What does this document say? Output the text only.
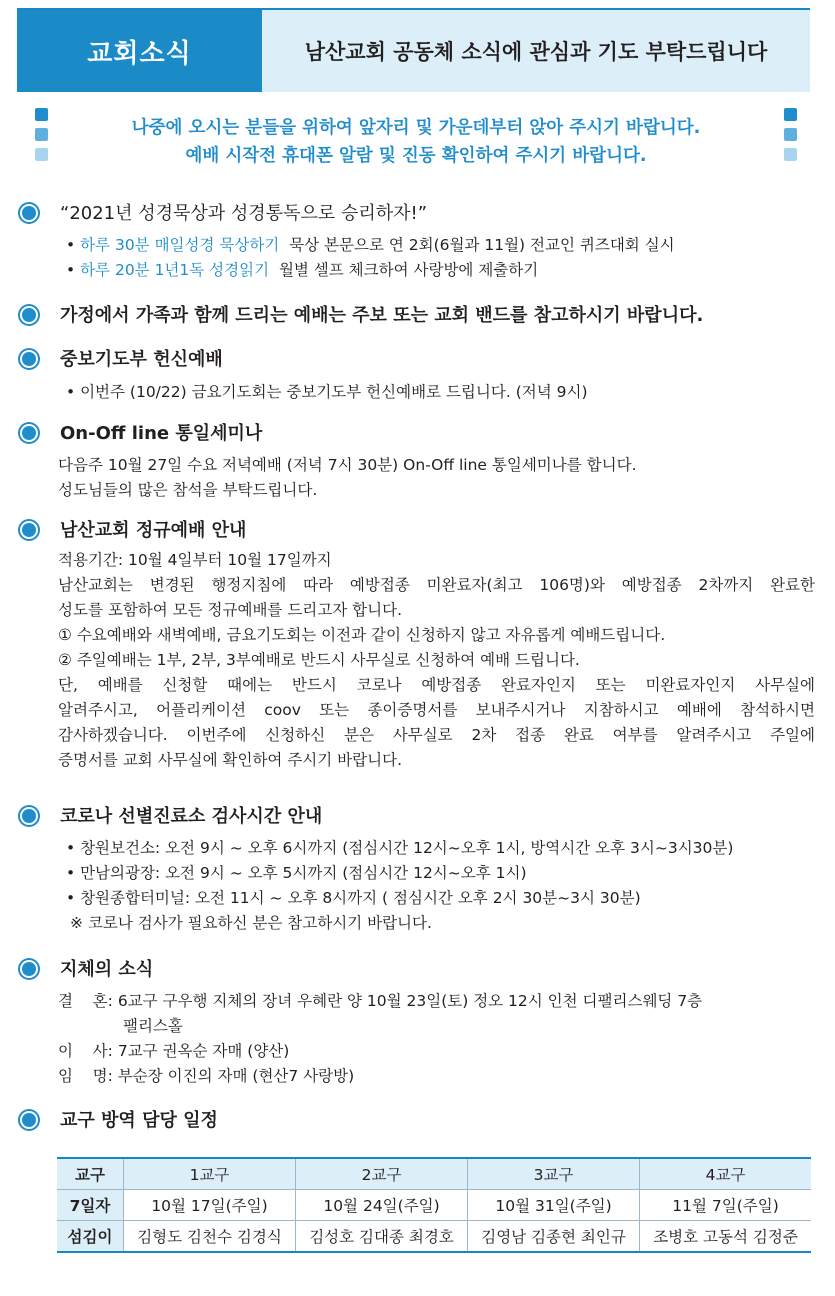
교회소식	남산교회 공동체 소식에 관심과 기도 부탁드립니다
나중에 오시는 분들을 위하여 앞자리 및 가운데부터 앉아 주시기 바랍니다.
예배 시작전 휴대폰 알람 및 진동 확인하여 주시기 바랍니다.
“2021년 성경묵상과 성경통독으로 승리하자!”
• 하루 30분 매일성경 묵상하기 묵상 본문으로 연 2회(6월과 11월) 전교인 퀴즈대회 실시
• 하루 20분 1년1독 성경읽기 월별 셀프 체크하여 사랑방에 제출하기
가정에서 가족과 함께 드리는 예배는 주보 또는 교회 밴드를 참고하시기 바랍니다.
중보기도부 헌신예배
• 이번주 (10/22) 금요기도회는 중보기도부 헌신예배로 드립니다. (저녁 9시)
On-Off line 통일세미나
다음주 10월 27일 수요 저녁예배 (저녁 7시 30분) On-Off line 통일세미나를 합니다.
성도님들의 많은 참석을 부탁드립니다.
남산교회 정규예배 안내
적용기간: 10월 4일부터 10월 17일까지
남산교회는 변경된 행정지침에 따라 예방접종 미완료자(최고 106명)와 예방접종 2차까지 완료한
성도를 포함하여 모든 정규예배를 드리고자 합니다.
① 수요예배와 새벽예배, 금요기도회는 이전과 같이 신청하지 않고 자유롭게 예배드립니다.
② 주일예배는 1부, 2부, 3부예배로 반드시 사무실로 신청하여 예배 드립니다.
단, 예배를 신청할 때에는 반드시 코로나 예방접종 완료자인지 또는 미완료자인지 사무실에
알려주시고, 어플리케이션 coov 또는 종이증명서를 보내주시거나 지참하시고 예배에 참석하시면
감사하겠습니다. 이번주에 신청하신 분은 사무실로 2차 접종 완료 여부를 알려주시고 주일에
증명서를 교회 사무실에 확인하여 주시기 바랍니다.
코로나 선별진료소 검사시간 안내
• 창원보건소: 오전 9시 ~ 오후 6시까지 (점심시간 12시~오후 1시, 방역시간 오후 3시~3시30분)
• 만남의광장: 오전 9시 ~ 오후 5시까지 (점심시간 12시~오후 1시)
• 창원종합터미널: 오전 11시 ~ 오후 8시까지 ( 점심시간 오후 2시 30분~3시 30분)
※ 코로나 검사가 필요하신 분은 참고하시기 바랍니다.
지체의 소식
결    혼: 6교구 구우행 지체의 장녀 우혜란 양 10월 23일(토) 정오 12시 인천 디팰리스웨딩 7층
팰리스홀
이    사: 7교구 권옥순 자매 (양산)
임    명: 부순장 이진의 자매 (현산7 사랑방)
교구 방역 담당 일정
교구	1교구	2교구	3교구	4교구
7일자	10월 17일(주일)	10월 24일(주일)	10월 31일(주일)	11월 7일(주일)
섬김이	김형도 김천수 김경식	김성호 김대종 최경호	김영남 김종현 최인규	조병호 고동석 김정준
